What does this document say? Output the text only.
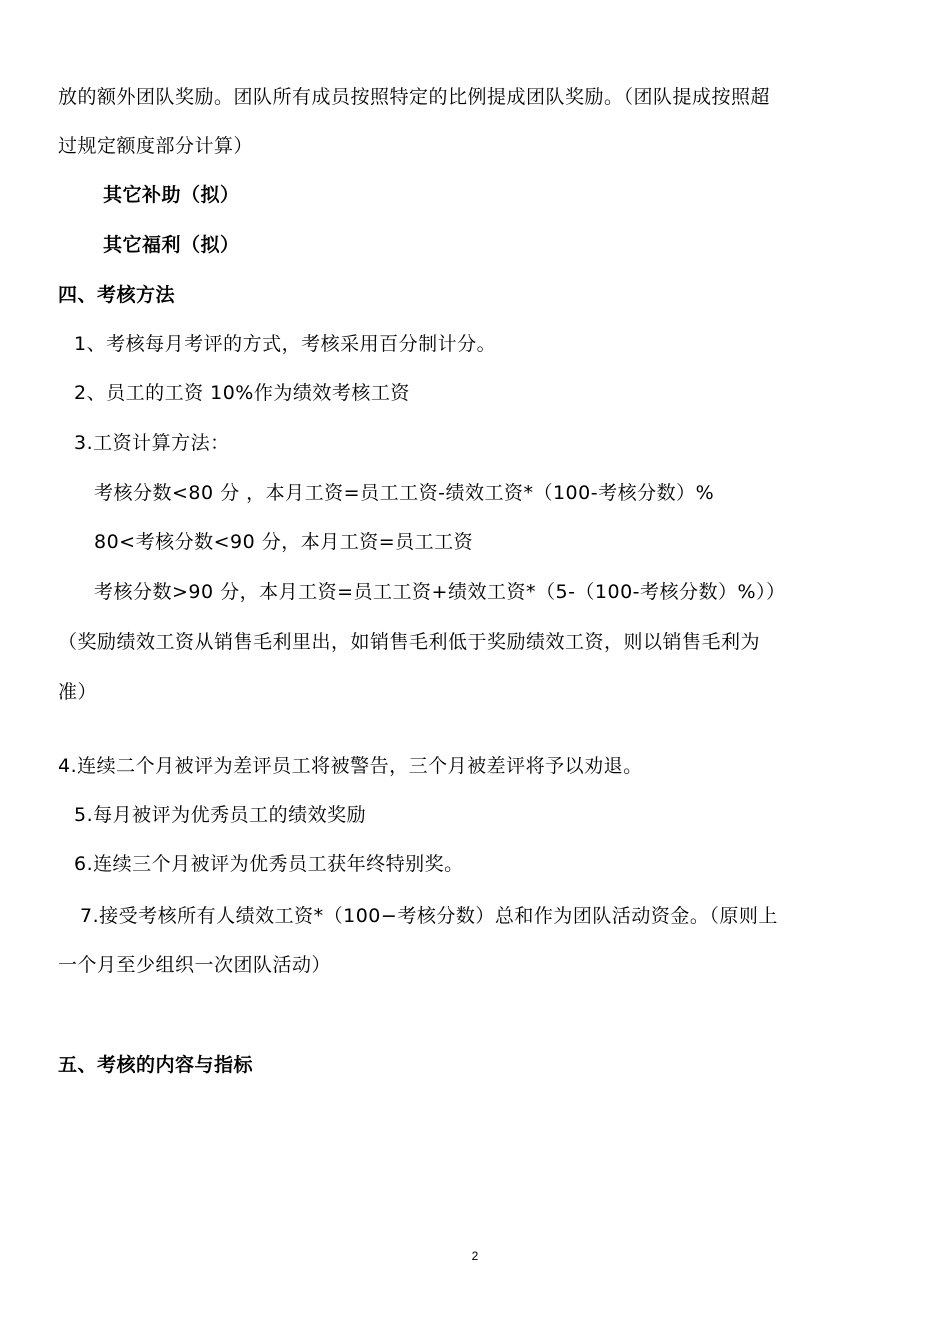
放的额外团队奖励。团队所有成员按照特定的比例提成团队奖励。（团队提成按照超
过规定额度部分计算）
其它补助（拟）
其它福利（拟）
四、考核方法
1、考核每月考评的方式，考核采用百分制计分。
2、员工的工资 10%作为绩效考核工资
3.工资计算方法：
考核分数<80 分 ，本月工资=员工工资-绩效工资*（100-考核分数）%
80<考核分数<90 分，本月工资=员工工资
考核分数>90 分，本月工资=员工工资+绩效工资*（5-（100-考核分数）%））
（奖励绩效工资从销售毛利里出，如销售毛利低于奖励绩效工资，则以销售毛利为
准）
4.连续二个月被评为差评员工将被警告，三个月被差评将予以劝退。
5.每月被评为优秀员工的绩效奖励
6.连续三个月被评为优秀员工获年终特别奖。
7.接受考核所有人绩效工资*（100−考核分数）总和作为团队活动资金。（原则上
一个月至少组织一次团队活动）
五、考核的内容与指标
2
